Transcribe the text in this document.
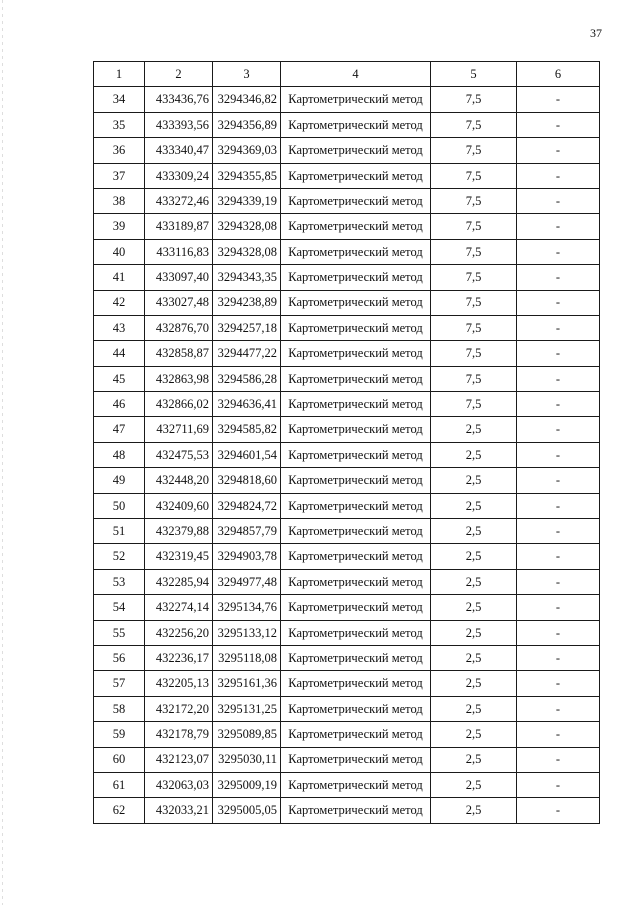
37
1	2	3	4	5	6
34	433436,76	3294346,82	Картометрический метод	7,5	-
35	433393,56	3294356,89	Картометрический метод	7,5	-
36	433340,47	3294369,03	Картометрический метод	7,5	-
37	433309,24	3294355,85	Картометрический метод	7,5	-
38	433272,46	3294339,19	Картометрический метод	7,5	-
39	433189,87	3294328,08	Картометрический метод	7,5	-
40	433116,83	3294328,08	Картометрический метод	7,5	-
41	433097,40	3294343,35	Картометрический метод	7,5	-
42	433027,48	3294238,89	Картометрический метод	7,5	-
43	432876,70	3294257,18	Картометрический метод	7,5	-
44	432858,87	3294477,22	Картометрический метод	7,5	-
45	432863,98	3294586,28	Картометрический метод	7,5	-
46	432866,02	3294636,41	Картометрический метод	7,5	-
47	432711,69	3294585,82	Картометрический метод	2,5	-
48	432475,53	3294601,54	Картометрический метод	2,5	-
49	432448,20	3294818,60	Картометрический метод	2,5	-
50	432409,60	3294824,72	Картометрический метод	2,5	-
51	432379,88	3294857,79	Картометрический метод	2,5	-
52	432319,45	3294903,78	Картометрический метод	2,5	-
53	432285,94	3294977,48	Картометрический метод	2,5	-
54	432274,14	3295134,76	Картометрический метод	2,5	-
55	432256,20	3295133,12	Картометрический метод	2,5	-
56	432236,17	3295118,08	Картометрический метод	2,5	-
57	432205,13	3295161,36	Картометрический метод	2,5	-
58	432172,20	3295131,25	Картометрический метод	2,5	-
59	432178,79	3295089,85	Картометрический метод	2,5	-
60	432123,07	3295030,11	Картометрический метод	2,5	-
61	432063,03	3295009,19	Картометрический метод	2,5	-
62	432033,21	3295005,05	Картометрический метод	2,5	-
